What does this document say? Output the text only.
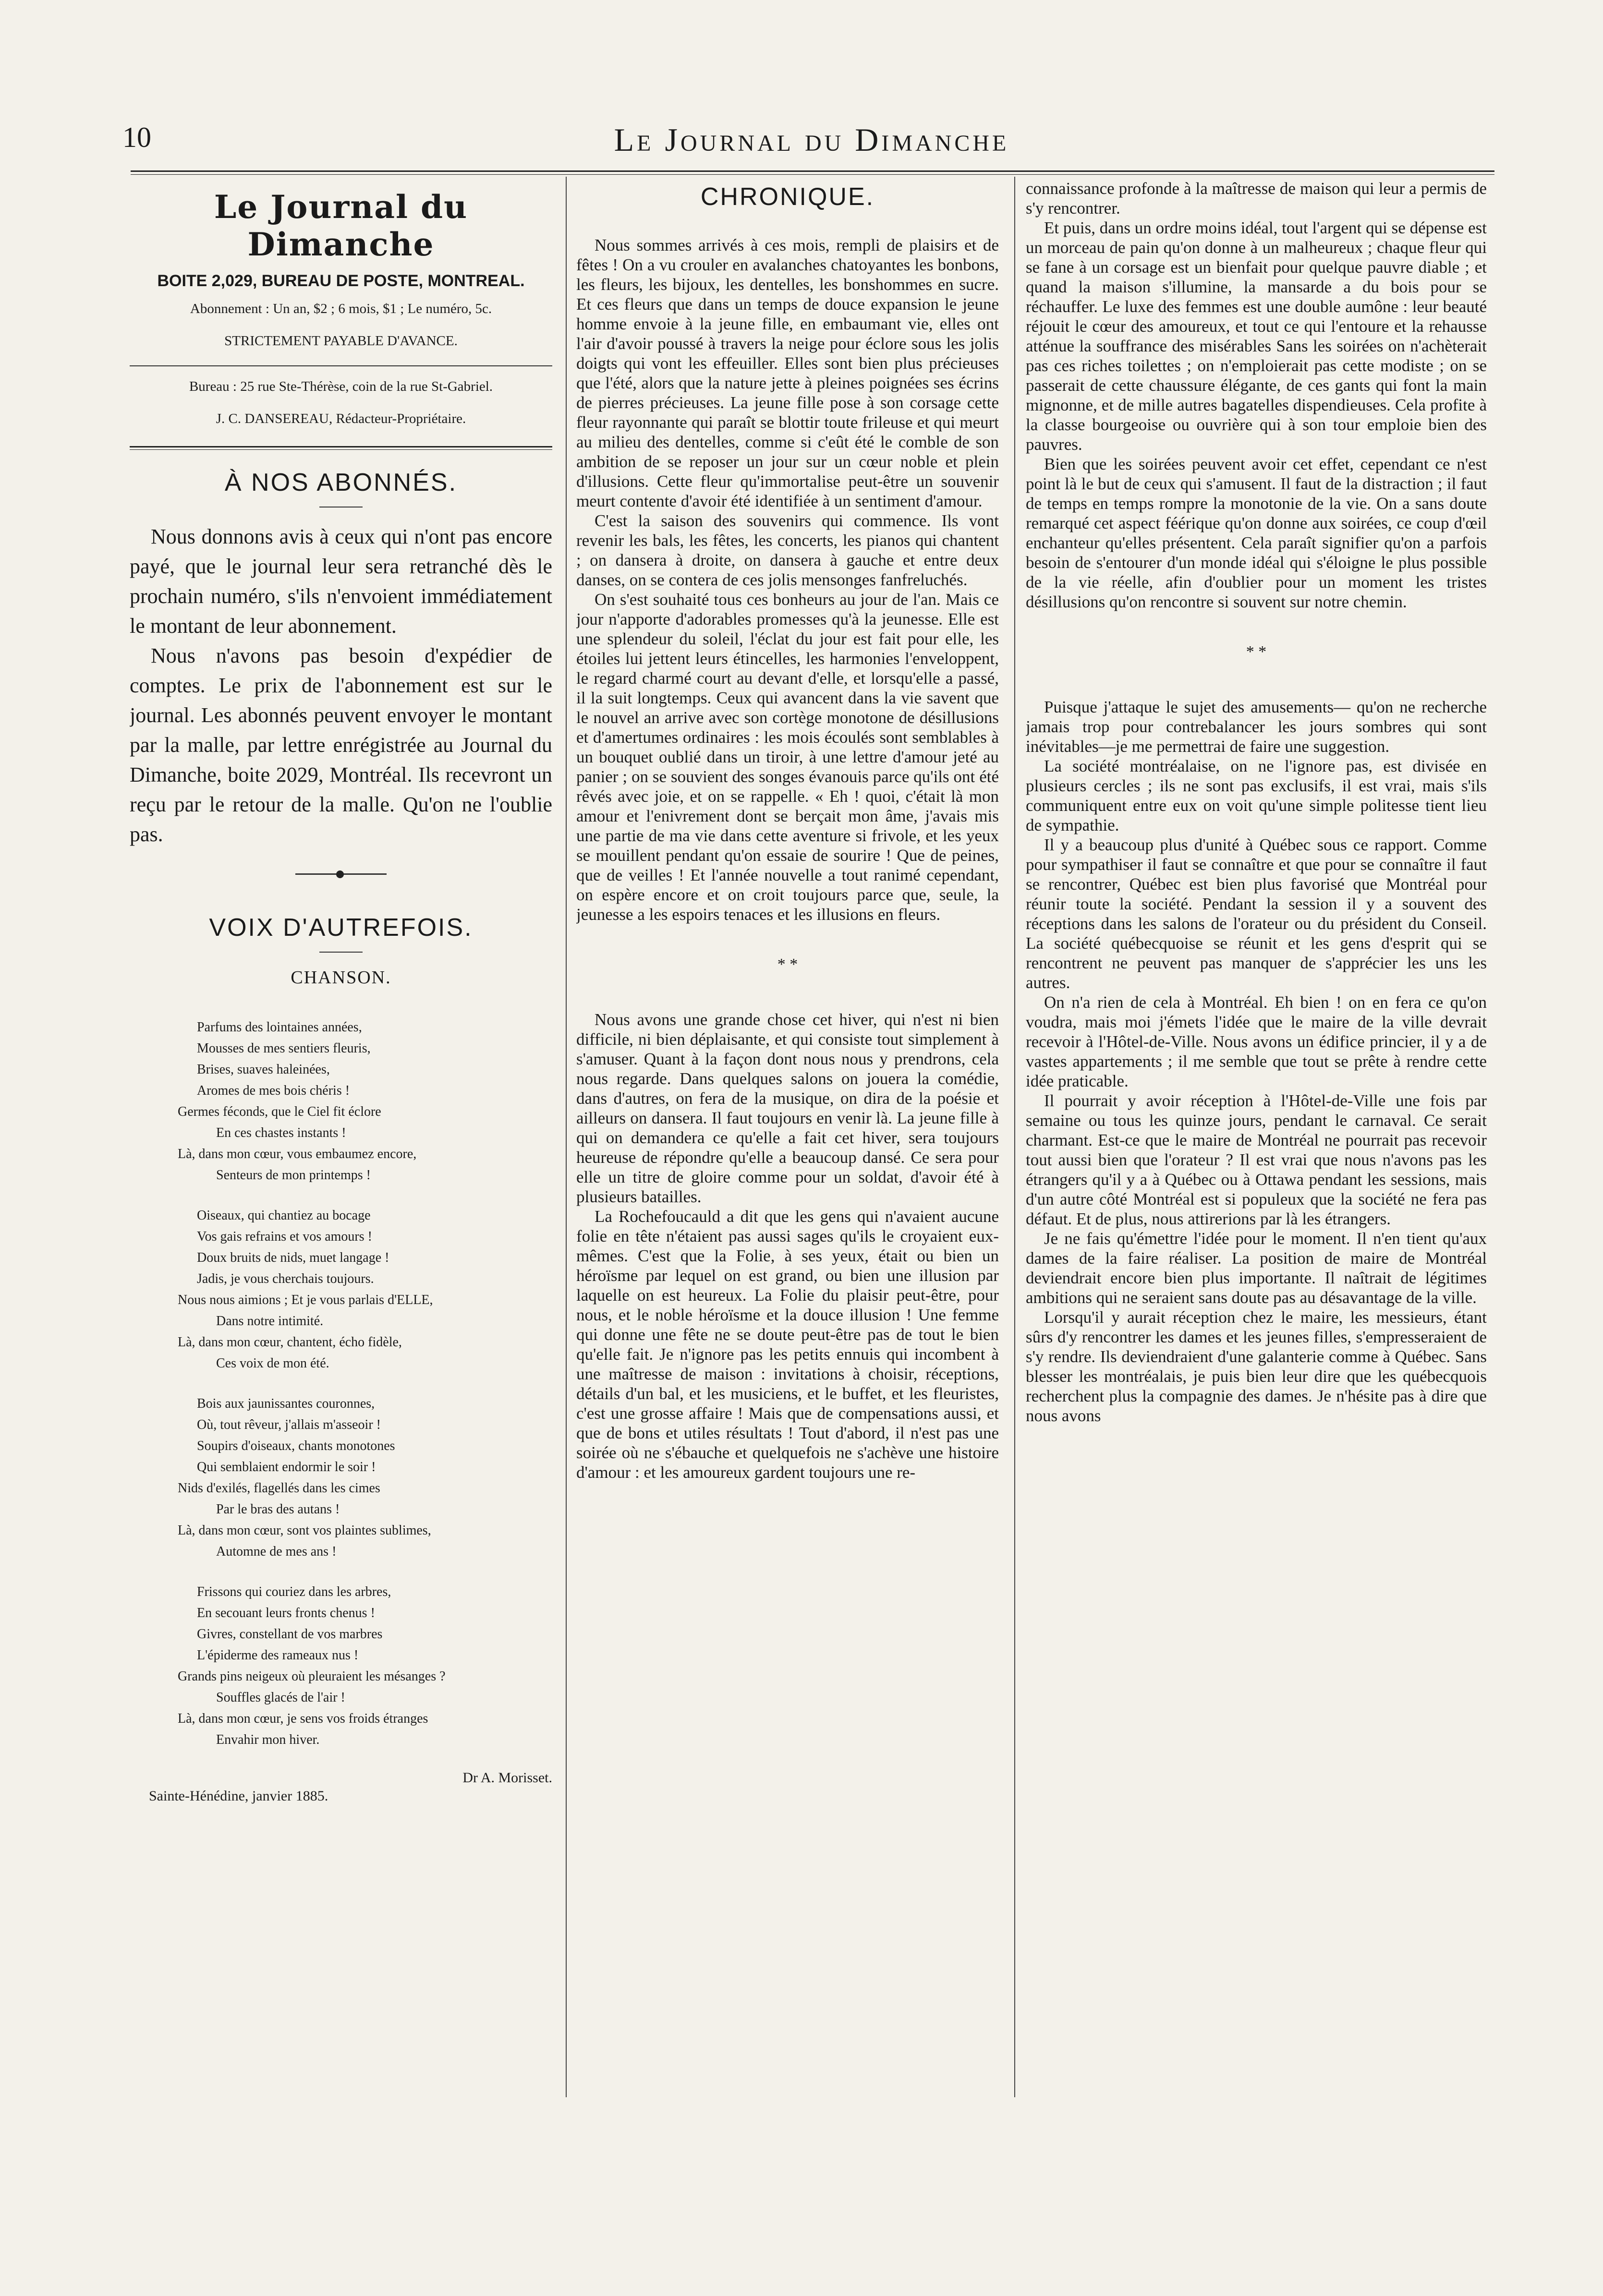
10	Le Journal du Dimanche
Le Journal du Dimanche
BOITE 2,029, BUREAU DE POSTE, MONTREAL.
Abonnement : Un an, $2 ; 6 mois, $1 ; Le numéro, 5c.
STRICTEMENT PAYABLE D'AVANCE.
Bureau : 25 rue Ste-Thérèse, coin de la rue St-Gabriel.
J. C. DANSEREAU, Rédacteur-Propriétaire.
À NOS ABONNÉS.

Nous donnons avis à ceux qui n'ont pas encore payé, que le journal leur sera retranché dès le prochain numéro, s'ils n'envoient immédiatement le montant de leur abonnement.

Nous n'avons pas besoin d'expédier de comptes. Le prix de l'abonnement est sur le journal. Les abonnés peuvent envoyer le montant par la malle, par lettre enrégistrée au Journal du Dimanche, boite 2029, Montréal. Ils recevront un reçu par le retour de la malle. Qu'on ne l'oublie pas.

VOIX D'AUTREFOIS.
CHANSON.
Parfums des lointaines années,
Mousses de mes sentiers fleuris,
Brises, suaves haleinées,
Aromes de mes bois chéris !
Germes féconds, que le Ciel fit éclore
En ces chastes instants !
Là, dans mon cœur, vous embaumez encore,
Senteurs de mon printemps !
Oiseaux, qui chantiez au bocage
Vos gais refrains et vos amours !
Doux bruits de nids, muet langage !
Jadis, je vous cherchais toujours.
Nous nous aimions ; Et je vous parlais d'ELLE,
Dans notre intimité.
Là, dans mon cœur, chantent, écho fidèle,
Ces voix de mon été.
Bois aux jaunissantes couronnes,
Où, tout rêveur, j'allais m'asseoir !
Soupirs d'oiseaux, chants monotones
Qui semblaient endormir le soir !
Nids d'exilés, flagellés dans les cimes
Par le bras des autans !
Là, dans mon cœur, sont vos plaintes sublimes,
Automne de mes ans !
Frissons qui couriez dans les arbres,
En secouant leurs fronts chenus !
Givres, constellant de vos marbres
L'épiderme des rameaux nus !
Grands pins neigeux où pleuraient les mésanges ?
Souffles glacés de l'air !
Là, dans mon cœur, je sens vos froids étranges
Envahir mon hiver.
Dr A. Morisset.
Sainte-Hénédine, janvier 1885.
CHRONIQUE.

Nous sommes arrivés à ces mois, rempli de plaisirs et de fêtes ! On a vu crouler en avalanches chatoyantes les bonbons, les fleurs, les bijoux, les dentelles, les bonshommes en sucre. Et ces fleurs que dans un temps de douce expansion le jeune homme envoie à la jeune fille, en embaumant vie, elles ont l'air d'avoir poussé à travers la neige pour éclore sous les jolis doigts qui vont les effeuiller. Elles sont bien plus précieuses que l'été, alors que la nature jette à pleines poignées ses écrins de pierres précieuses. La jeune fille pose à son corsage cette fleur rayonnante qui paraît se blottir toute frileuse et qui meurt au milieu des dentelles, comme si c'eût été le comble de son ambition de se reposer un jour sur un cœur noble et plein d'illusions. Cette fleur qu'immortalise peut-être un souvenir meurt contente d'avoir été identifiée à un sentiment d'amour.

C'est la saison des souvenirs qui commence. Ils vont revenir les bals, les fêtes, les concerts, les pianos qui chantent ; on dansera à droite, on dansera à gauche et entre deux danses, on se contera de ces jolis mensonges fanfreluchés.

On s'est souhaité tous ces bonheurs au jour de l'an. Mais ce jour n'apporte d'adorables promesses qu'à la jeunesse. Elle est une splendeur du soleil, l'éclat du jour est fait pour elle, les étoiles lui jettent leurs étincelles, les harmonies l'enveloppent, le regard charmé court au devant d'elle, et lorsqu'elle a passé, il la suit longtemps. Ceux qui avancent dans la vie savent que le nouvel an arrive avec son cortège monotone de désillusions et d'amertumes ordinaires : les mois écoulés sont semblables à un bouquet oublié dans un tiroir, à une lettre d'amour jeté au panier ; on se souvient des songes évanouis parce qu'ils ont été rêvés avec joie, et on se rappelle. « Eh ! quoi, c'était là mon amour et l'enivrement dont se berçait mon âme, j'avais mis une partie de ma vie dans cette aventure si frivole, et les yeux se mouillent pendant qu'on essaie de sourire ! Que de peines, que de veilles ! Et l'année nouvelle a tout ranimé cependant, on espère encore et on croit toujours parce que, seule, la jeunesse a les espoirs tenaces et les illusions en fleurs.

* *

Nous avons une grande chose cet hiver, qui n'est ni bien difficile, ni bien déplaisante, et qui consiste tout simplement à s'amuser. Quant à la façon dont nous nous y prendrons, cela nous regarde. Dans quelques salons on jouera la comédie, dans d'autres, on fera de la musique, on dira de la poésie et ailleurs on dansera. Il faut toujours en venir là. La jeune fille à qui on demandera ce qu'elle a fait cet hiver, sera toujours heureuse de répondre qu'elle a beaucoup dansé. Ce sera pour elle un titre de gloire comme pour un soldat, d'avoir été à plusieurs batailles.

La Rochefoucauld a dit que les gens qui n'avaient aucune folie en tête n'étaient pas aussi sages qu'ils le croyaient eux-mêmes. C'est que la Folie, à ses yeux, était ou bien un héroïsme par lequel on est grand, ou bien une illusion par laquelle on est heureux. La Folie du plaisir peut-être, pour nous, et le noble héroïsme et la douce illusion ! Une femme qui donne une fête ne se doute peut-être pas de tout le bien qu'elle fait. Je n'ignore pas les petits ennuis qui incombent à une maîtresse de maison : invitations à choisir, réceptions, détails d'un bal, et les musiciens, et le buffet, et les fleuristes, c'est une grosse affaire ! Mais que de compensations aussi, et que de bons et utiles résultats ! Tout d'abord, il n'est pas une soirée où ne s'ébauche et quelquefois ne s'achève une histoire d'amour : et les amoureux gardent toujours une re-

connaissance profonde à la maîtresse de maison qui leur a permis de s'y rencontrer.

Et puis, dans un ordre moins idéal, tout l'argent qui se dépense est un morceau de pain qu'on donne à un malheureux ; chaque fleur qui se fane à un corsage est un bienfait pour quelque pauvre diable ; et quand la maison s'illumine, la mansarde a du bois pour se réchauffer. Le luxe des femmes est une double aumône : leur beauté réjouit le cœur des amoureux, et tout ce qui l'entoure et la rehausse atténue la souffrance des misérables Sans les soirées on n'achèterait pas ces riches toilettes ; on n'emploierait pas cette modiste ; on se passerait de cette chaussure élégante, de ces gants qui font la main mignonne, et de mille autres bagatelles dispendieuses. Cela profite à la classe bourgeoise ou ouvrière qui à son tour emploie bien des pauvres.

Bien que les soirées peuvent avoir cet effet, cependant ce n'est point là le but de ceux qui s'amusent. Il faut de la distraction ; il faut de temps en temps rompre la monotonie de la vie. On a sans doute remarqué cet aspect féérique qu'on donne aux soirées, ce coup d'œil enchanteur qu'elles présentent. Cela paraît signifier qu'on a parfois besoin de s'entourer d'un monde idéal qui s'éloigne le plus possible de la vie réelle, afin d'oublier pour un moment les tristes désillusions qu'on rencontre si souvent sur notre chemin.

* *

Puisque j'attaque le sujet des amusements— qu'on ne recherche jamais trop pour contrebalancer les jours sombres qui sont inévitables—je me permettrai de faire une suggestion.

La société montréalaise, on ne l'ignore pas, est divisée en plusieurs cercles ; ils ne sont pas exclusifs, il est vrai, mais s'ils communiquent entre eux on voit qu'une simple politesse tient lieu de sympathie.

Il y a beaucoup plus d'unité à Québec sous ce rapport. Comme pour sympathiser il faut se connaître et que pour se connaître il faut se rencontrer, Québec est bien plus favorisé que Montréal pour réunir toute la société. Pendant la session il y a souvent des réceptions dans les salons de l'orateur ou du président du Conseil. La société québecquoise se réunit et les gens d'esprit qui se rencontrent ne peuvent pas manquer de s'apprécier les uns les autres.

On n'a rien de cela à Montréal. Eh bien ! on en fera ce qu'on voudra, mais moi j'émets l'idée que le maire de la ville devrait recevoir à l'Hôtel-de-Ville. Nous avons un édifice princier, il y a de vastes appartements ; il me semble que tout se prête à rendre cette idée praticable.

Il pourrait y avoir réception à l'Hôtel-de-Ville une fois par semaine ou tous les quinze jours, pendant le carnaval. Ce serait charmant. Est-ce que le maire de Montréal ne pourrait pas recevoir tout aussi bien que l'orateur ? Il est vrai que nous n'avons pas les étrangers qu'il y a à Québec ou à Ottawa pendant les sessions, mais d'un autre côté Montréal est si populeux que la société ne fera pas défaut. Et de plus, nous attirerions par là les étrangers.

Je ne fais qu'émettre l'idée pour le moment. Il n'en tient qu'aux dames de la faire réaliser. La position de maire de Montréal deviendrait encore bien plus importante. Il naîtrait de légitimes ambitions qui ne seraient sans doute pas au désavantage de la ville.

Lorsqu'il y aurait réception chez le maire, les messieurs, étant sûrs d'y rencontrer les dames et les jeunes filles, s'empresseraient de s'y rendre. Ils deviendraient d'une galanterie comme à Québec. Sans blesser les montréalais, je puis bien leur dire que les québecquois recherchent plus la compagnie des dames. Je n'hésite pas à dire que nous avons
